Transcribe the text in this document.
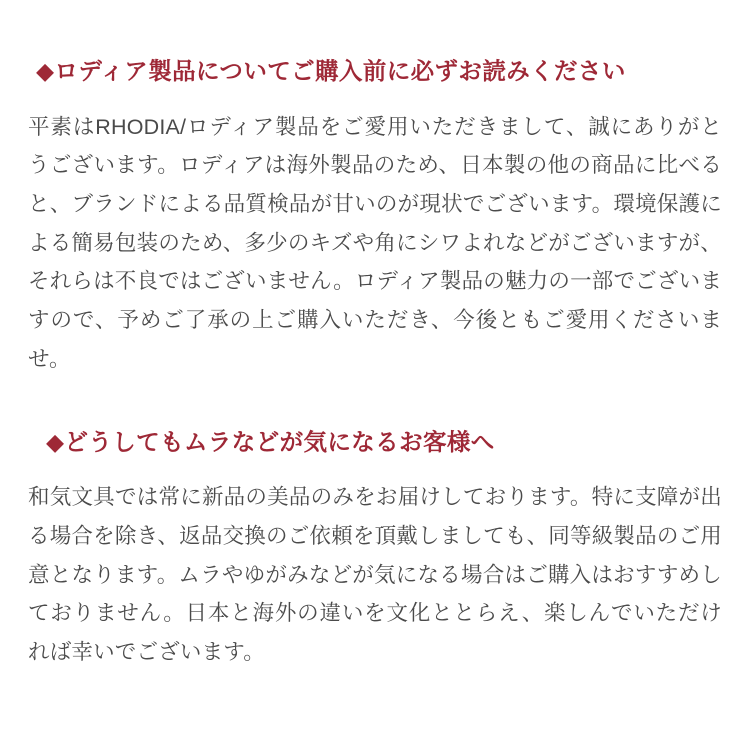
◆ロディア製品についてご購入前に必ずお読みください

平素はRHODIA/ロディア製品をご愛用いただきまして、誠にありがとうございます。ロディアは海外製品のため、日本製の他の商品に比べると、ブランドによる品質検品が甘いのが現状でございます。環境保護による簡易包装のため、多少のキズや角にシワよれなどがございますが、それらは不良ではございません。ロディア製品の魅力の一部でございますので、予めご了承の上ご購入いただき、今後ともご愛用くださいませ。

◆どうしてもムラなどが気になるお客様へ

和気文具では常に新品の美品のみをお届けしております。特に支障が出る場合を除き、返品交換のご依頼を頂戴しましても、同等級製品のご用意となります。ムラやゆがみなどが気になる場合はご購入はおすすめしておりません。日本と海外の違いを文化ととらえ、楽しんでいただければ幸いでございます。
